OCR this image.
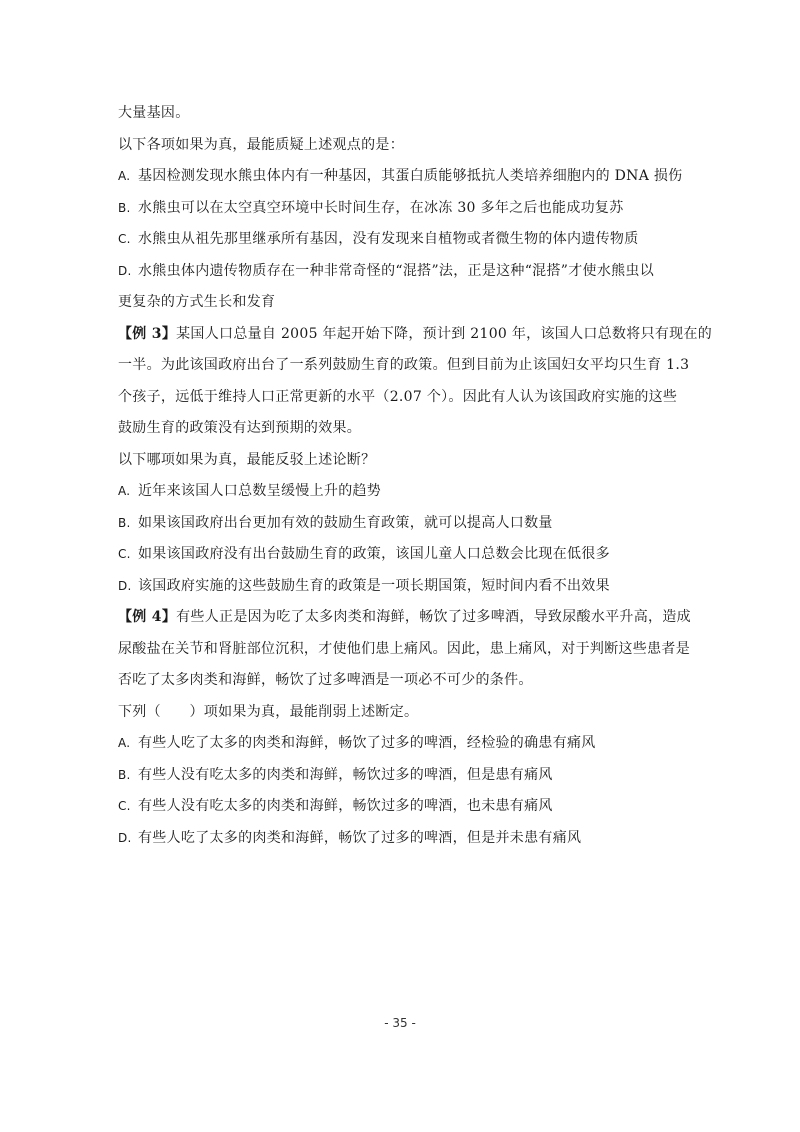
大量基因。
以下各项如果为真，最能质疑上述观点的是：
A. 基因检测发现水熊虫体内有一种基因，其蛋白质能够抵抗人类培养细胞内的 DNA 损伤
B. 水熊虫可以在太空真空环境中长时间生存，在冰冻 30 多年之后也能成功复苏
C. 水熊虫从祖先那里继承所有基因，没有发现来自植物或者微生物的体内遗传物质
D. 水熊虫体内遗传物质存在一种非常奇怪的“混搭”法，正是这种“混搭”才使水熊虫以
更复杂的方式生长和发育
【例 3】某国人口总量自 2005 年起开始下降，预计到 2100 年，该国人口总数将只有现在的
一半。为此该国政府出台了一系列鼓励生育的政策。但到目前为止该国妇女平均只生育 1.3
个孩子，远低于维持人口正常更新的水平（2.07 个）。因此有人认为该国政府实施的这些
鼓励生育的政策没有达到预期的效果。
以下哪项如果为真，最能反驳上述论断？
A. 近年来该国人口总数呈缓慢上升的趋势
B. 如果该国政府出台更加有效的鼓励生育政策，就可以提高人口数量
C. 如果该国政府没有出台鼓励生育的政策，该国儿童人口总数会比现在低很多
D. 该国政府实施的这些鼓励生育的政策是一项长期国策，短时间内看不出效果
【例 4】有些人正是因为吃了太多肉类和海鲜，畅饮了过多啤酒，导致尿酸水平升高，造成
尿酸盐在关节和肾脏部位沉积，才使他们患上痛风。因此，患上痛风，对于判断这些患者是
否吃了太多肉类和海鲜，畅饮了过多啤酒是一项必不可少的条件。
下列（　　）项如果为真，最能削弱上述断定。
A. 有些人吃了太多的肉类和海鲜，畅饮了过多的啤酒，经检验的确患有痛风
B. 有些人没有吃太多的肉类和海鲜，畅饮过多的啤酒，但是患有痛风
C. 有些人没有吃太多的肉类和海鲜，畅饮过多的啤酒，也未患有痛风
D. 有些人吃了太多的肉类和海鲜，畅饮了过多的啤酒，但是并未患有痛风
- 35 -
